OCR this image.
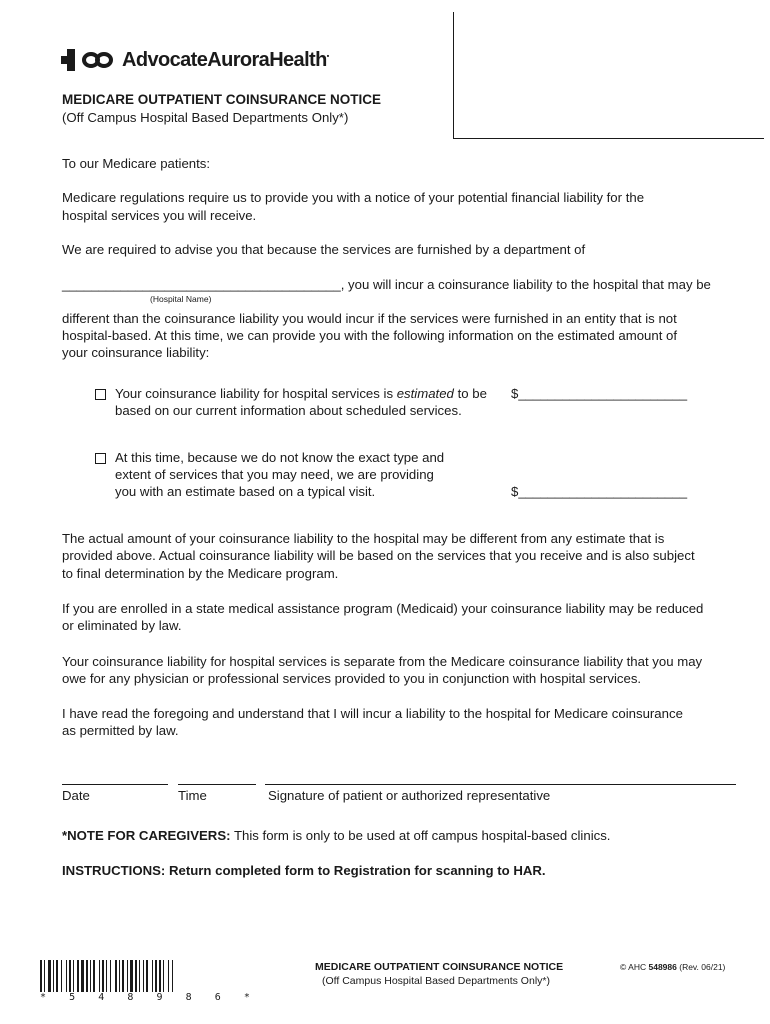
AdvocateAuroraHealth•
MEDICARE OUTPATIENT COINSURANCE NOTICE
(Off Campus Hospital Based Departments Only*)
To our Medicare patients:
Medicare regulations require us to provide you with a notice of your potential financial liability for the
hospital services you will receive.
We are required to advise you that because the services are furnished by a department of
______________________________________, you will incur a coinsurance liability to the hospital that may be
(Hospital Name)
different than the coinsurance liability you would incur if the services were furnished in an entity that is not
hospital-based. At this time, we can provide you with the following information on the estimated amount of
your coinsurance liability:
Your coinsurance liability for hospital services is estimated to be
based on our current information about scheduled services.
$_______________________
At this time, because we do not know the exact type and
extent of services that you may need, we are providing
you with an estimate based on a typical visit.	$_______________________
The actual amount of your coinsurance liability to the hospital may be different from any estimate that is
provided above. Actual coinsurance liability will be based on the services that you receive and is also subject
to final determination by the Medicare program.
If you are enrolled in a state medical assistance program (Medicaid) your coinsurance liability may be reduced
or eliminated by law.
Your coinsurance liability for hospital services is separate from the Medicare coinsurance liability that you may
owe for any physician or professional services provided to you in conjunction with hospital services.
I have read the foregoing and understand that I will incur a liability to the hospital for Medicare coinsurance
as permitted by law.
Date	Time	Signature of patient or authorized representative
*NOTE FOR CAREGIVERS: This form is only to be used at off campus hospital-based clinics.
INSTRUCTIONS: Return completed form to Registration for scanning to HAR.
* 5 4 8 9 8 6 *
MEDICARE OUTPATIENT COINSURANCE NOTICE
(Off Campus Hospital Based Departments Only*)
© AHC 548986 (Rev. 06/21)
